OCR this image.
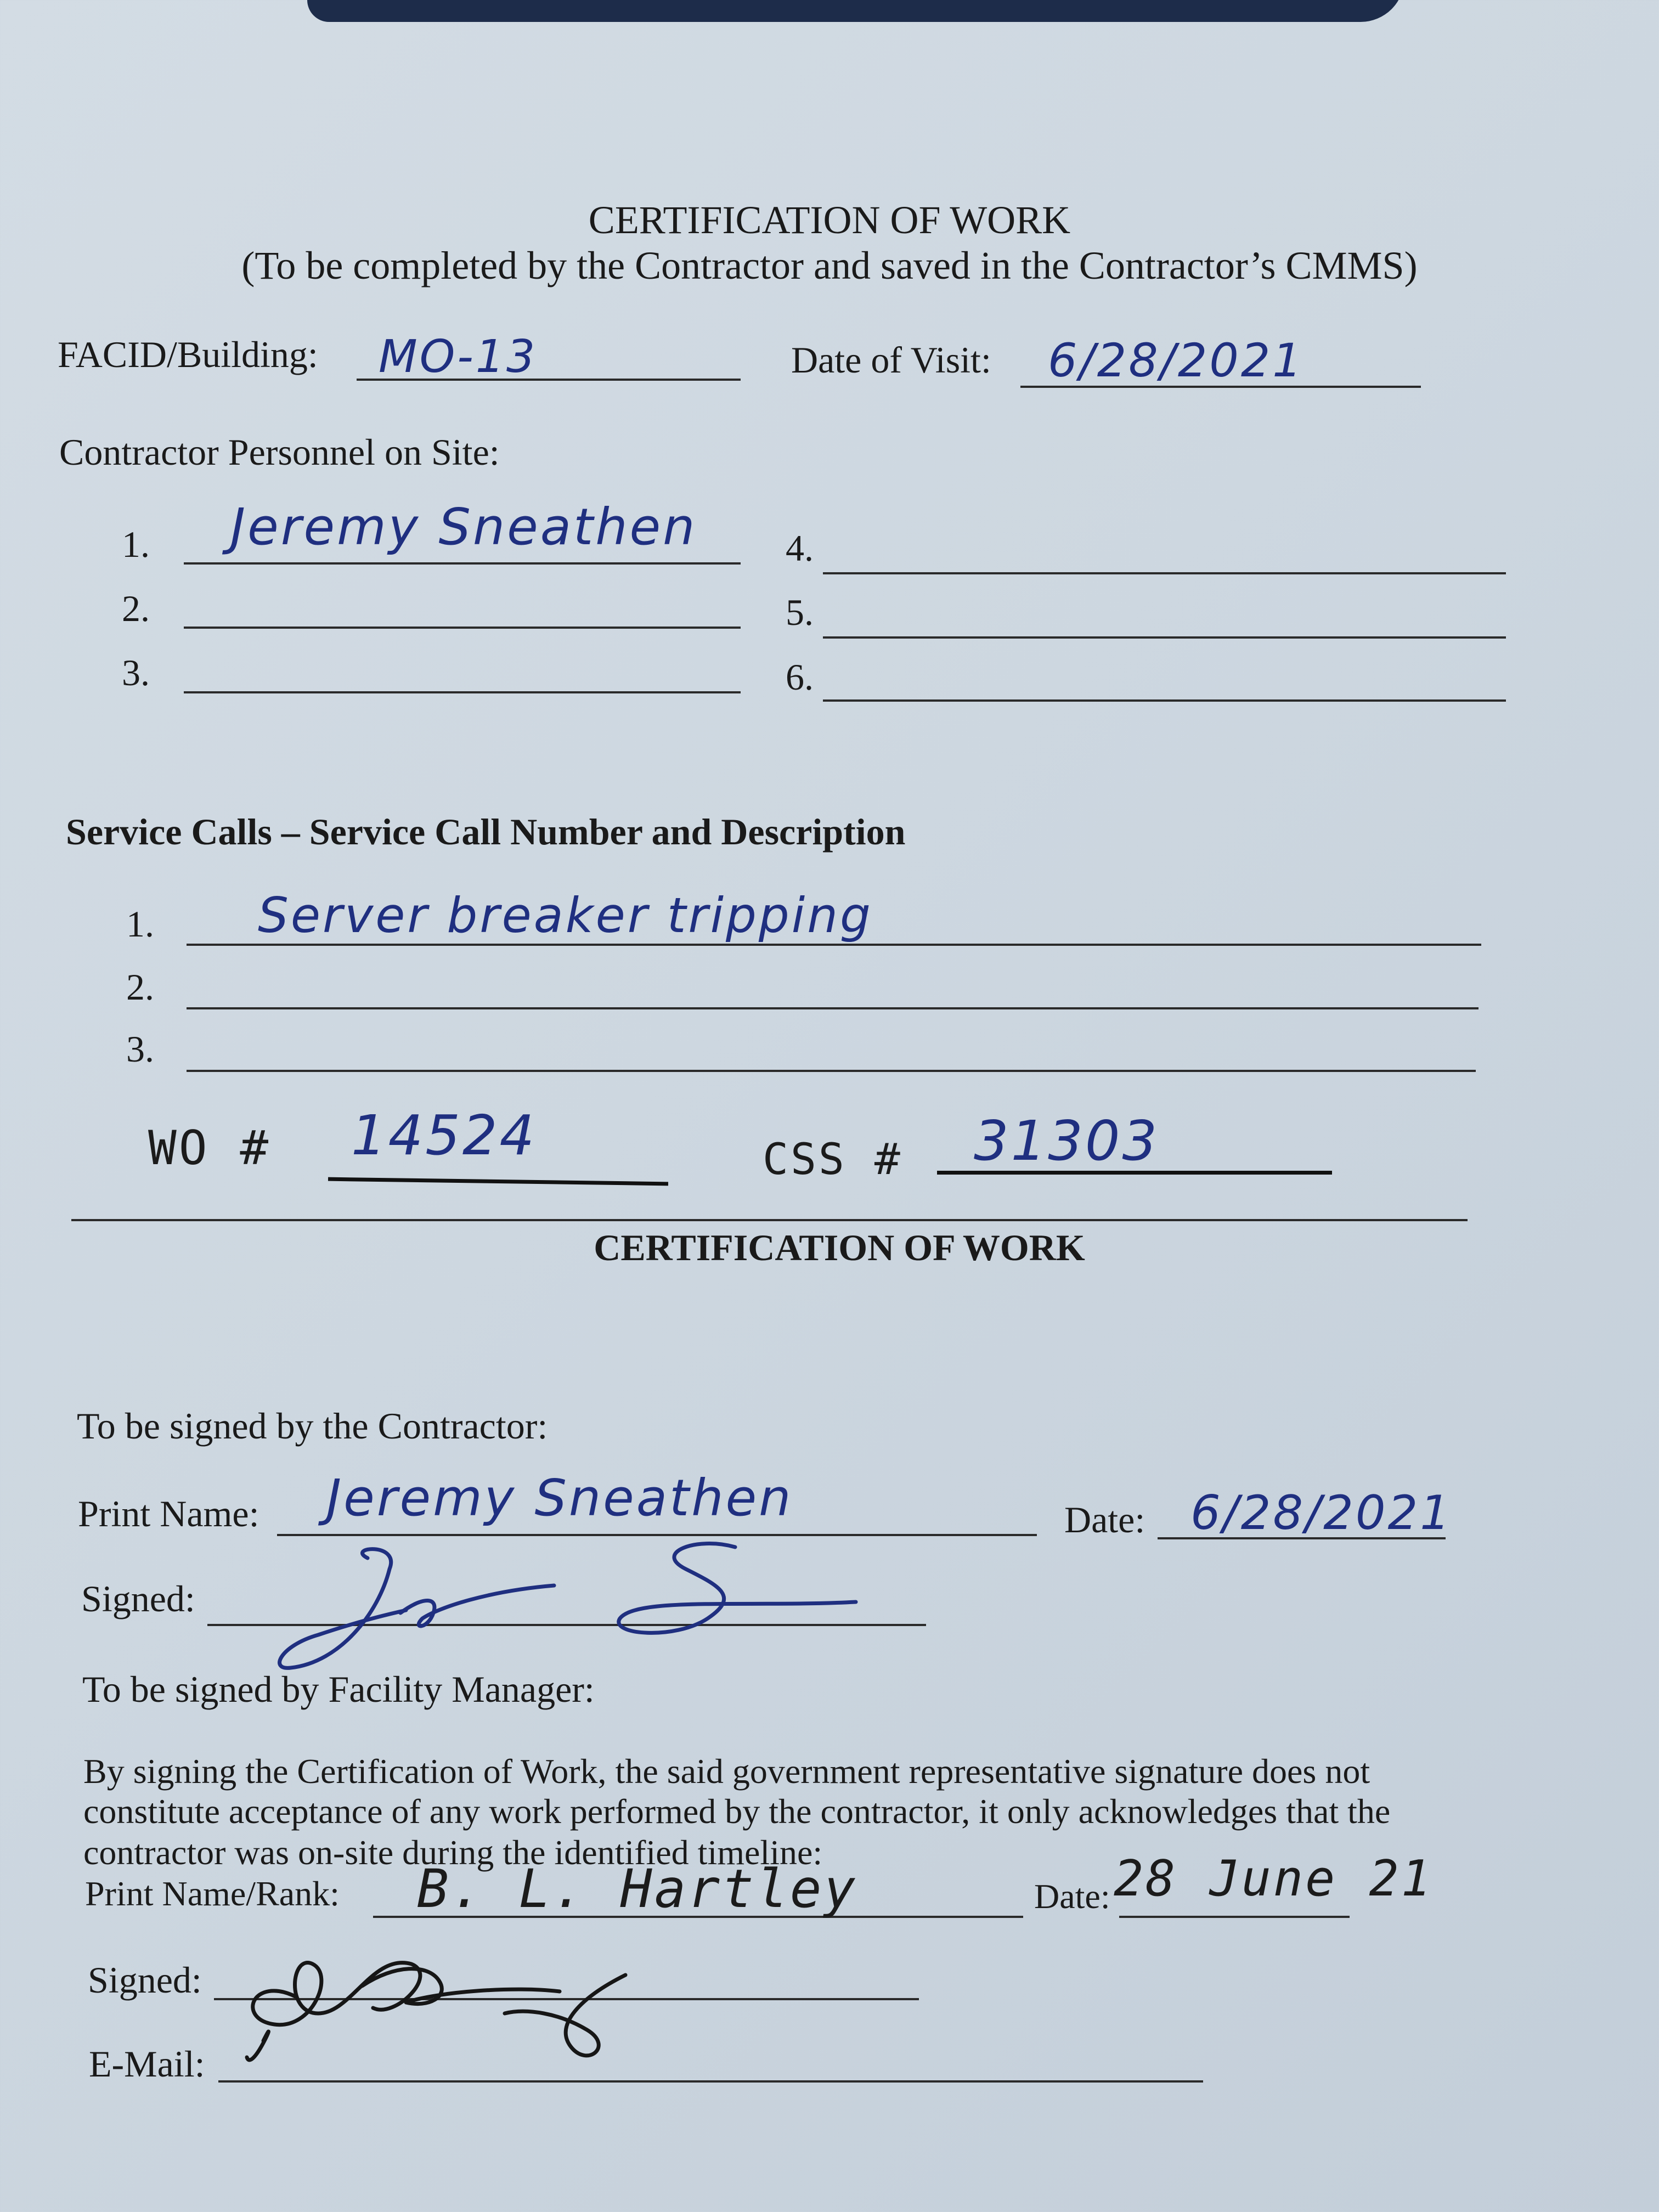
CERTIFICATION OF WORK
(To be completed by the Contractor and saved in the Contractor’s CMMS)
FACID/Building: MO-13	Date of Visit: 6/28/2021
Contractor Personnel on Site:
1. Jeremy Sneathen
2.
3.
4.
5.
6.
Service Calls – Service Call Number and Description
1. Server breaker tripping
2.
3.
WO # 14524	CSS # 31303
CERTIFICATION OF WORK
To be signed by the Contractor:
Print Name: Jeremy Sneathen	Date: 6/28/2021
Signed:
To be signed by Facility Manager:
By signing the Certification of Work, the said government representative signature does not
constitute acceptance of any work performed by the contractor, it only acknowledges that the
contractor was on-site during the identified timeline:
Print Name/Rank: B. L. Hartley	Date: 28 June 21
Signed:
E-Mail:
